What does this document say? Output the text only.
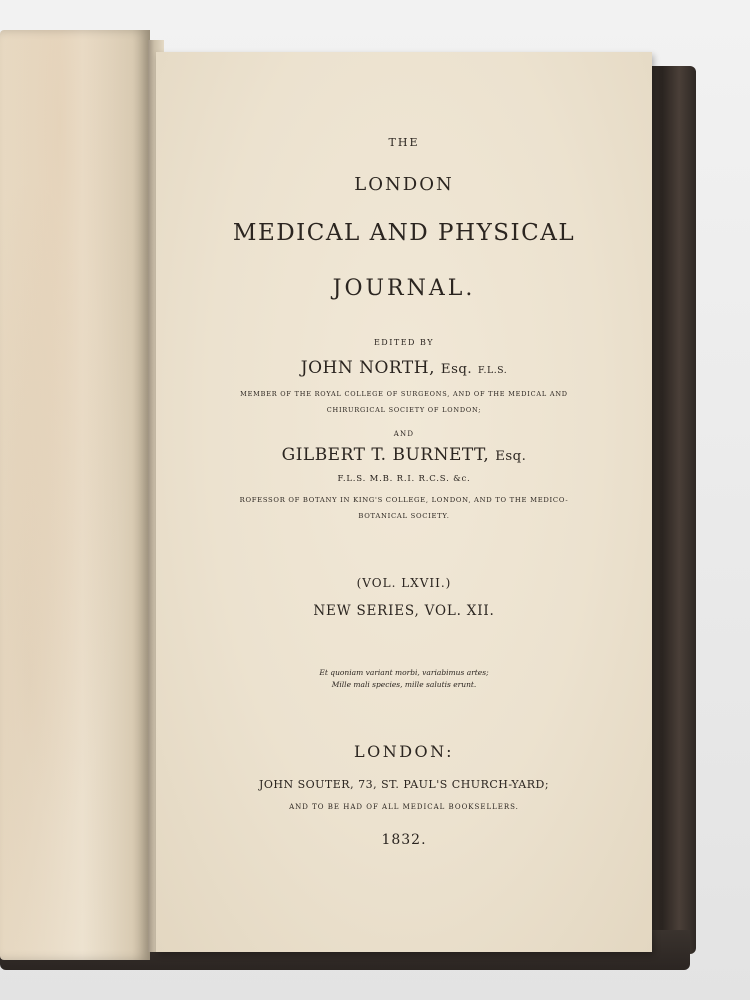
THE
LONDON
MEDICAL AND PHYSICAL
JOURNAL.
EDITED BY
JOHN NORTH, Esq. F.L.S.
MEMBER OF THE ROYAL COLLEGE OF SURGEONS, AND OF THE MEDICAL AND
CHIRURGICAL SOCIETY OF LONDON;
AND
GILBERT T. BURNETT, Esq.
F.L.S. M.B. R.I. R.C.S. &c.
ROFESSOR OF BOTANY IN KING'S COLLEGE, LONDON, AND TO THE MEDICO-
BOTANICAL SOCIETY.
(VOL. LXVII.)
NEW SERIES, VOL. XII.
Et quoniam variant morbi, variabimus artes;
Mille mali species, mille salutis erunt.
LONDON:
JOHN SOUTER, 73, ST. PAUL'S CHURCH-YARD;
AND TO BE HAD OF ALL MEDICAL BOOKSELLERS.
1832.
